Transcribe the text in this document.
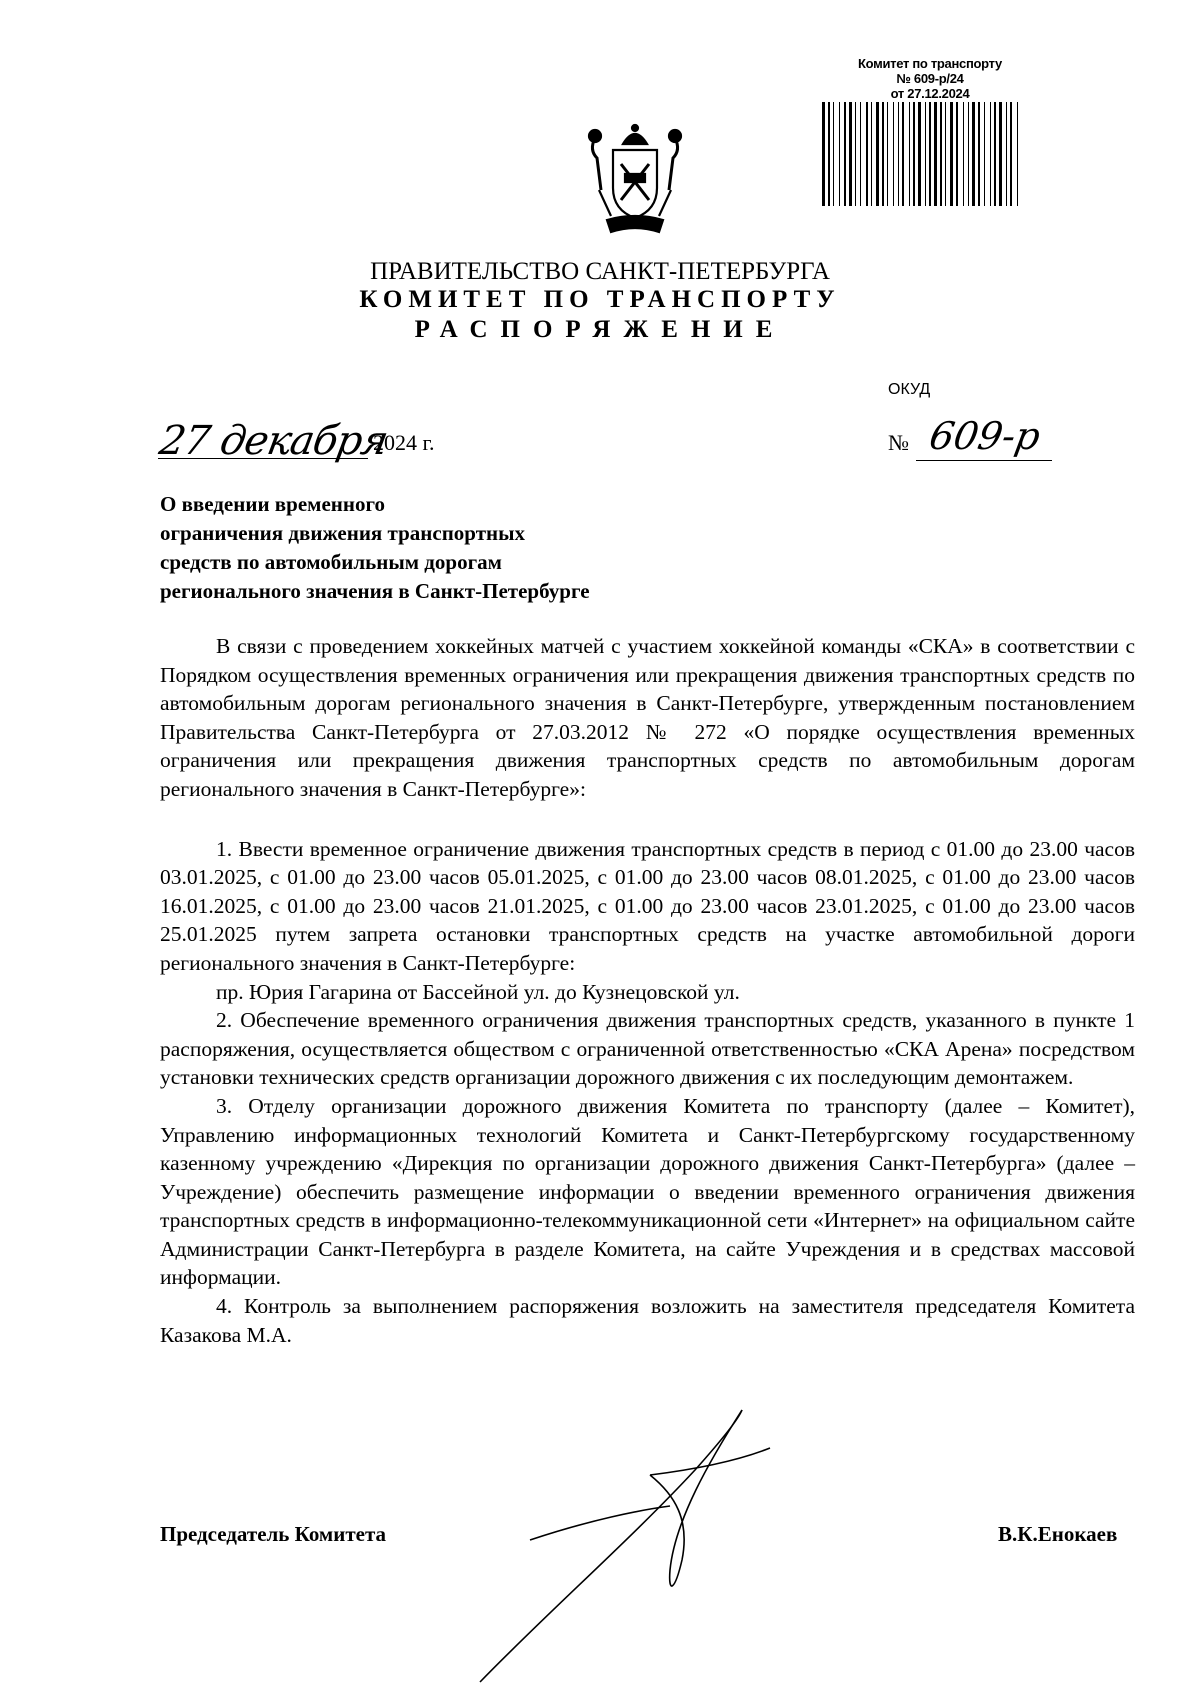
Комитет по транспорту
№ 609-р/24
от 27.12.2024
ПРАВИТЕЛЬСТВО САНКТ-ПЕТЕРБУРГА
КОМИТЕТ ПО ТРАНСПОРТУ
РАСПОРЯЖЕНИЕ
ОКУД
27 декабря
2024 г.	№ 609-р
О введении временного
ограничения движения транспортных
средств по автомобильным дорогам
регионального значения в Санкт-Петербурге

В связи с проведением хоккейных матчей с участием хоккейной команды «СКА» в соответствии с Порядком осуществления временных ограничения или прекращения движения транспортных средств по автомобильным дорогам регионального значения в Санкт-Петербурге, утвержденным постановлением Правительства Санкт-Петербурга от 27.03.2012 № 272 «О порядке осуществления временных ограничения или прекращения движения транспортных средств по автомобильным дорогам регионального значения в Санкт-Петербурге»:

1. Ввести временное ограничение движения транспортных средств в период с 01.00 до 23.00 часов 03.01.2025, с 01.00 до 23.00 часов 05.01.2025, с 01.00 до 23.00 часов 08.01.2025, с 01.00 до 23.00 часов 16.01.2025, с 01.00 до 23.00 часов 21.01.2025, с 01.00 до 23.00 часов 23.01.2025, с 01.00 до 23.00 часов 25.01.2025 путем запрета остановки транспортных средств на участке автомобильной дороги регионального значения в Санкт-Петербурге:

пр. Юрия Гагарина от Бассейной ул. до Кузнецовской ул.

2. Обеспечение временного ограничения движения транспортных средств, указанного в пункте 1 распоряжения, осуществляется обществом с ограниченной ответственностью «СКА Арена» посредством установки технических средств организации дорожного движения с их последующим демонтажем.

3. Отделу организации дорожного движения Комитета по транспорту (далее – Комитет), Управлению информационных технологий Комитета и Санкт-Петербургскому государственному казенному учреждению «Дирекция по организации дорожного движения Санкт-Петербурга» (далее – Учреждение) обеспечить размещение информации о введении временного ограничения движения транспортных средств в информационно-телекоммуникационной сети «Интернет» на официальном сайте Администрации Санкт-Петербурга в разделе Комитета, на сайте Учреждения и в средствах массовой информации.

4. Контроль за выполнением распоряжения возложить на заместителя председателя Комитета Казакова М.А.

Председатель Комитета	В.К.Енокаев
